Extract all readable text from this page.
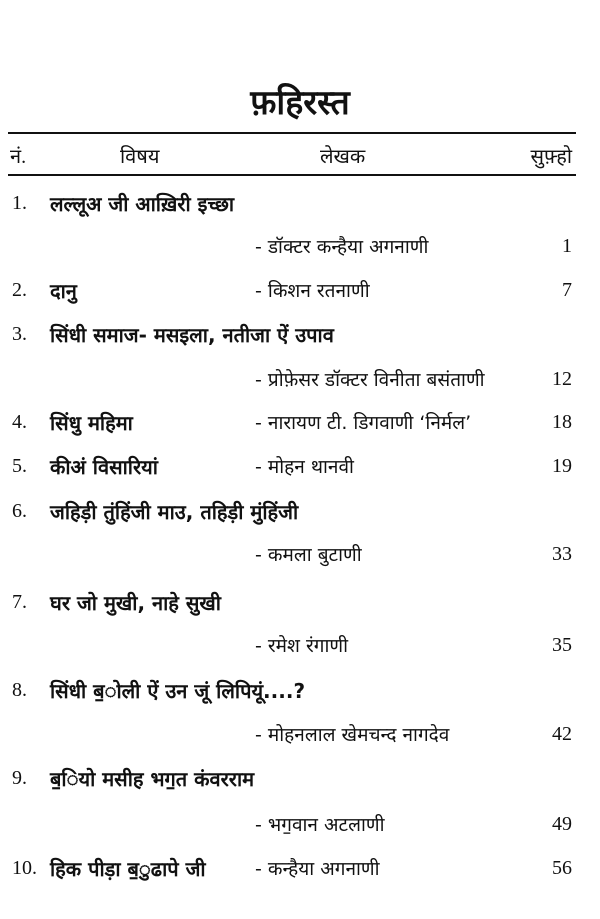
फ़हिरस्त
नं.	विषय	लेखक	सुफ़्हो
1. लल्लूअ जी आख़िरी इच्छा
- डॉक्टर कन्हैया अगनाणी	1
2. दानु	- किशन रतनाणी	7
3. सिंधी समाज- मसइला, नतीजा ऐं उपाव
- प्रोफ़ेसर डॉक्टर विनीता बसंताणी	12
4. सिंधु महिमा	- नारायण टी. डिगवाणी ‘निर्मल’	18
5. कीअं विसारियां	- मोहन थानवी	19
6. जहिड़ी तुंहिंजी माउ, तहिड़ी मुंहिंजी
- कमला बुटाणी	33
7. घर जो मुखी, नाहे सुखी
- रमेश रंगाणी	35
8. सिंधी ब॒ोली ऐं उन जूं लिपियूं....?
- मोहनलाल खेमचन्द नागदेव	42
9. ब॒ियो मसीह भग॒त कंवरराम
- भग॒वान अटलाणी	49
10. हिक पीड़ा ब॒ुढापे जी	- कन्हैया अगनाणी	56
